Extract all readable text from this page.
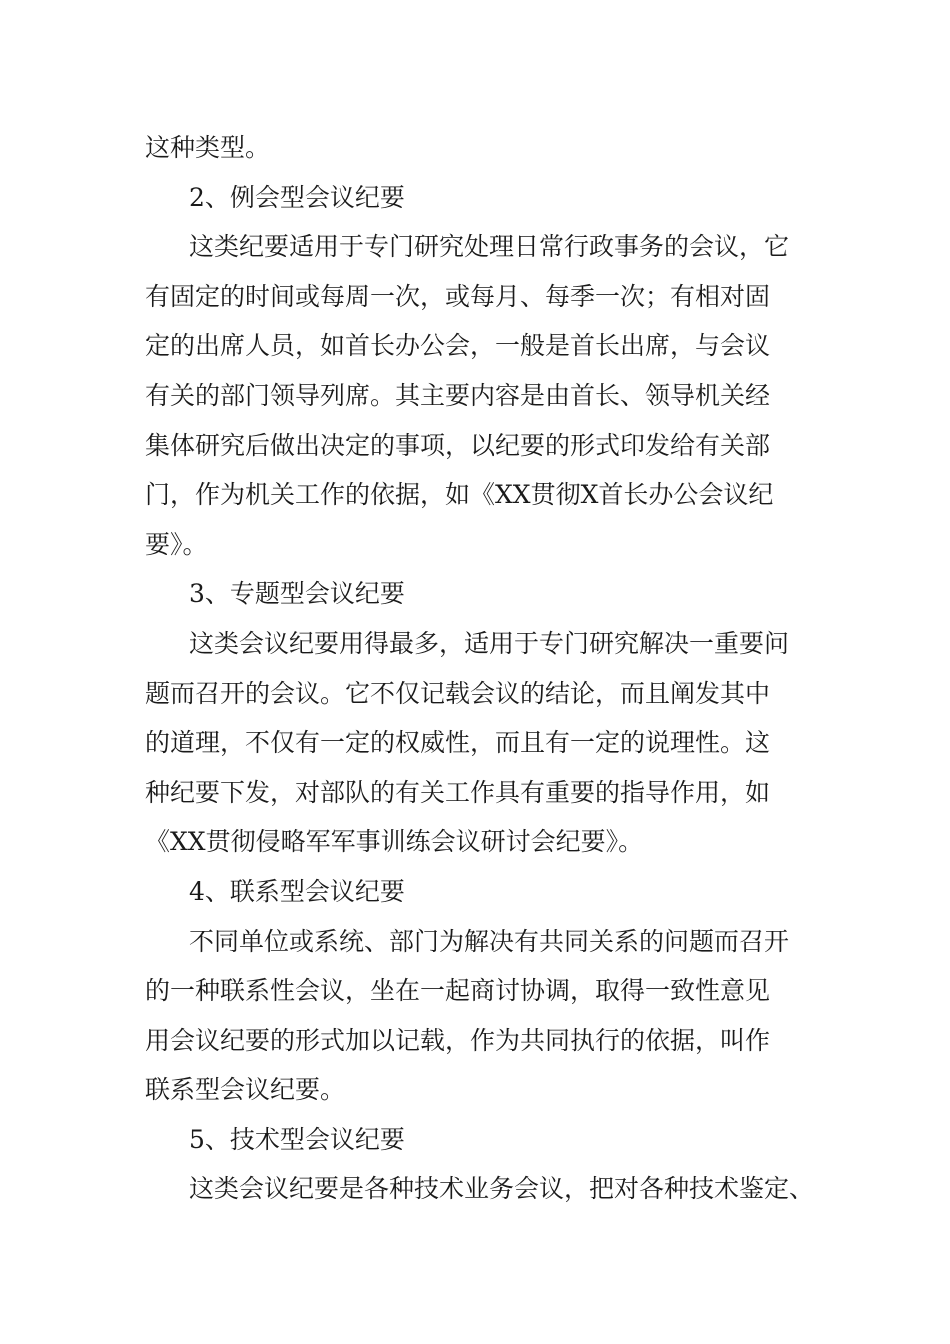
这种类型。
2、例会型会议纪要
这类纪要适用于专门研究处理日常行政事务的会议，它
有固定的时间或每周一次，或每月、每季一次；有相对固
定的出席人员，如首长办公会，一般是首长出席，与会议
有关的部门领导列席。其主要内容是由首长、领导机关经
集体研究后做出决定的事项，以纪要的形式印发给有关部
门，作为机关工作的依据，如《XX贯彻X首长办公会议纪
要》。
3、专题型会议纪要
这类会议纪要用得最多，适用于专门研究解决一重要问
题而召开的会议。它不仅记载会议的结论，而且阐发其中
的道理，不仅有一定的权威性，而且有一定的说理性。这
种纪要下发，对部队的有关工作具有重要的指导作用，如
《XX贯彻侵略军军事训练会议研讨会纪要》。
4、联系型会议纪要
不同单位或系统、部门为解决有共同关系的问题而召开
的一种联系性会议，坐在一起商讨协调，取得一致性意见
用会议纪要的形式加以记载，作为共同执行的依据，叫作
联系型会议纪要。
5、技术型会议纪要
这类会议纪要是各种技术业务会议，把对各种技术鉴定、
